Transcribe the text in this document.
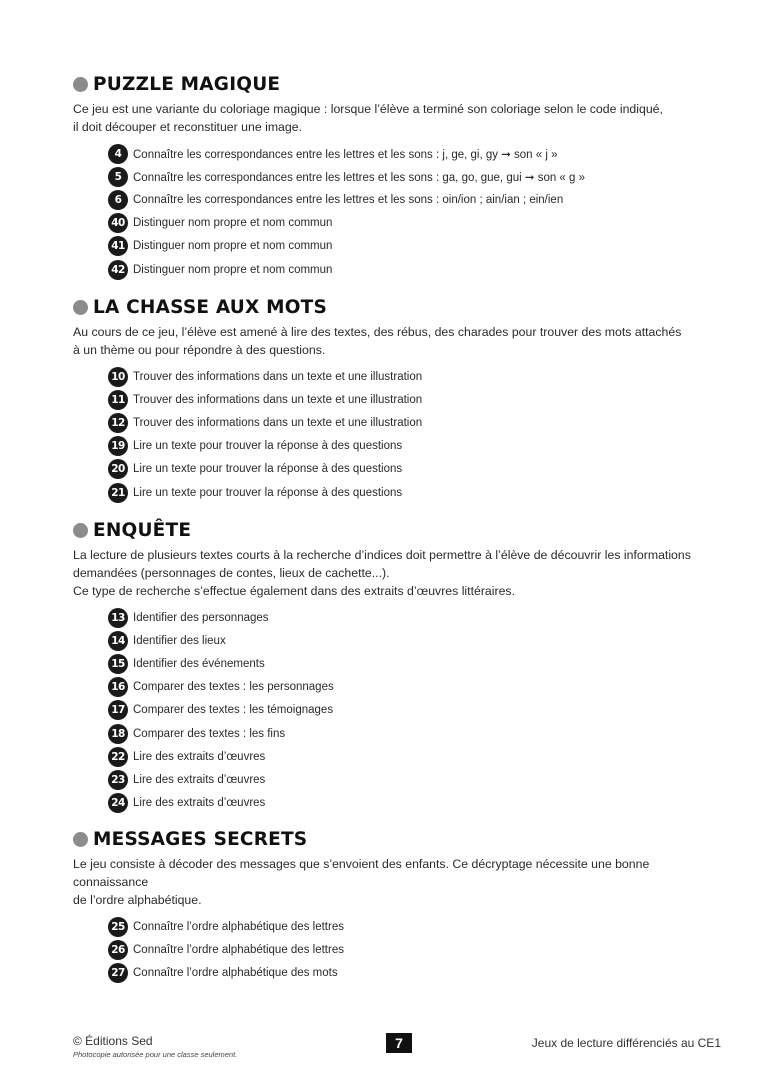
PUZZLE MAGIQUE

Ce jeu est une variante du coloriage magique : lorsque l’élève a terminé son coloriage selon le code indiqué,

il doit découper et reconstituer une image.

4	Connaître les correspondances entre les lettres et les sons : j, ge, gi, gy ➞ son « j »
5	Connaître les correspondances entre les lettres et les sons : ga, go, gue, gui ➞ son « g »
6	Connaître les correspondances entre les lettres et les sons : oin/ion ; ain/ian ; ein/ien
40 Distinguer nom propre et nom commun
41 Distinguer nom propre et nom commun
42 Distinguer nom propre et nom commun
LA CHASSE AUX MOTS

Au cours de ce jeu, l’élève est amené à lire des textes, des rébus, des charades pour trouver des mots attachés

à un thème ou pour répondre à des questions.

10 Trouver des informations dans un texte et une illustration
11 Trouver des informations dans un texte et une illustration
12 Trouver des informations dans un texte et une illustration
19 Lire un texte pour trouver la réponse à des questions
20 Lire un texte pour trouver la réponse à des questions
21 Lire un texte pour trouver la réponse à des questions
ENQUÊTE

La lecture de plusieurs textes courts à la recherche d’indices doit permettre à l’élève de découvrir les informations

demandées (personnages de contes, lieux de cachette...).

Ce type de recherche s’effectue également dans des extraits d’œuvres littéraires.

13 Identifier des personnages
14 Identifier des lieux
15 Identifier des événements
16 Comparer des textes : les personnages
17 Comparer des textes : les témoignages
18 Comparer des textes : les fins
22 Lire des extraits d’œuvres
23 Lire des extraits d’œuvres
24 Lire des extraits d’œuvres
MESSAGES SECRETS

Le jeu consiste à décoder des messages que s’envoient des enfants. Ce décryptage nécessite une bonne connaissance

de l’ordre alphabétique.

25 Connaître l’ordre alphabétique des lettres
26 Connaître l’ordre alphabétique des lettres
27 Connaître l’ordre alphabétique des mots
© Éditions Sed
Photocopie autorisée pour une classe seulement.
7	Jeux de lecture différenciés au CE1
